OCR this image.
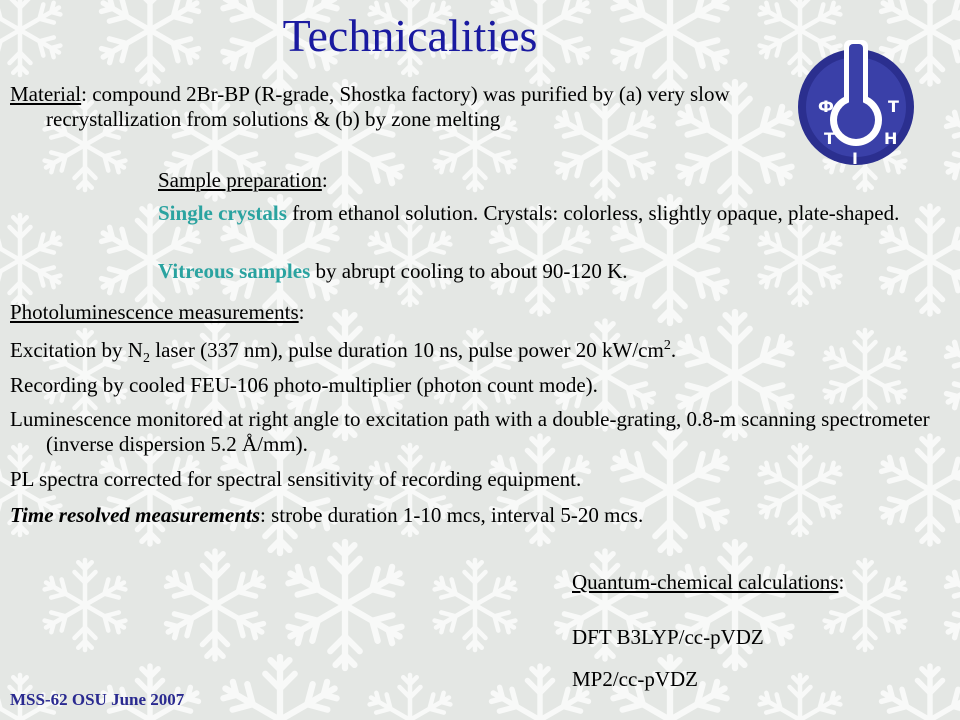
Technicalities
Ф
Т
І
Н
Т

Material: compound 2Br-BP (R-grade, Shostka factory) was purified by (a) very slow recrystallization from solutions & (b) by zone melting

Sample preparation:

Single crystals from ethanol solution. Crystals: colorless, slightly opaque, plate-shaped.

Vitreous samples by abrupt cooling to about 90-120 K.

Photoluminescence measurements:

Excitation by $N_2$ laser (337 nm), pulse duration 10 ns, pulse power 20 $kW/cm^2$.

Recording by cooled FEU-106 photo-multiplier (photon count mode).

Luminescence monitored at right angle to excitation path with a double-grating, 0.8-m scanning spectrometer (inverse dispersion 5.2 Å/mm).

PL spectra corrected for spectral sensitivity of recording equipment.

Time resolved measurements: strobe duration 1-10 mcs, interval 5-20 mcs.

Quantum-chemical calculations:

DFT B3LYP/cc-pVDZ

MP2/cc-pVDZ

MSS-62 OSU June 2007
